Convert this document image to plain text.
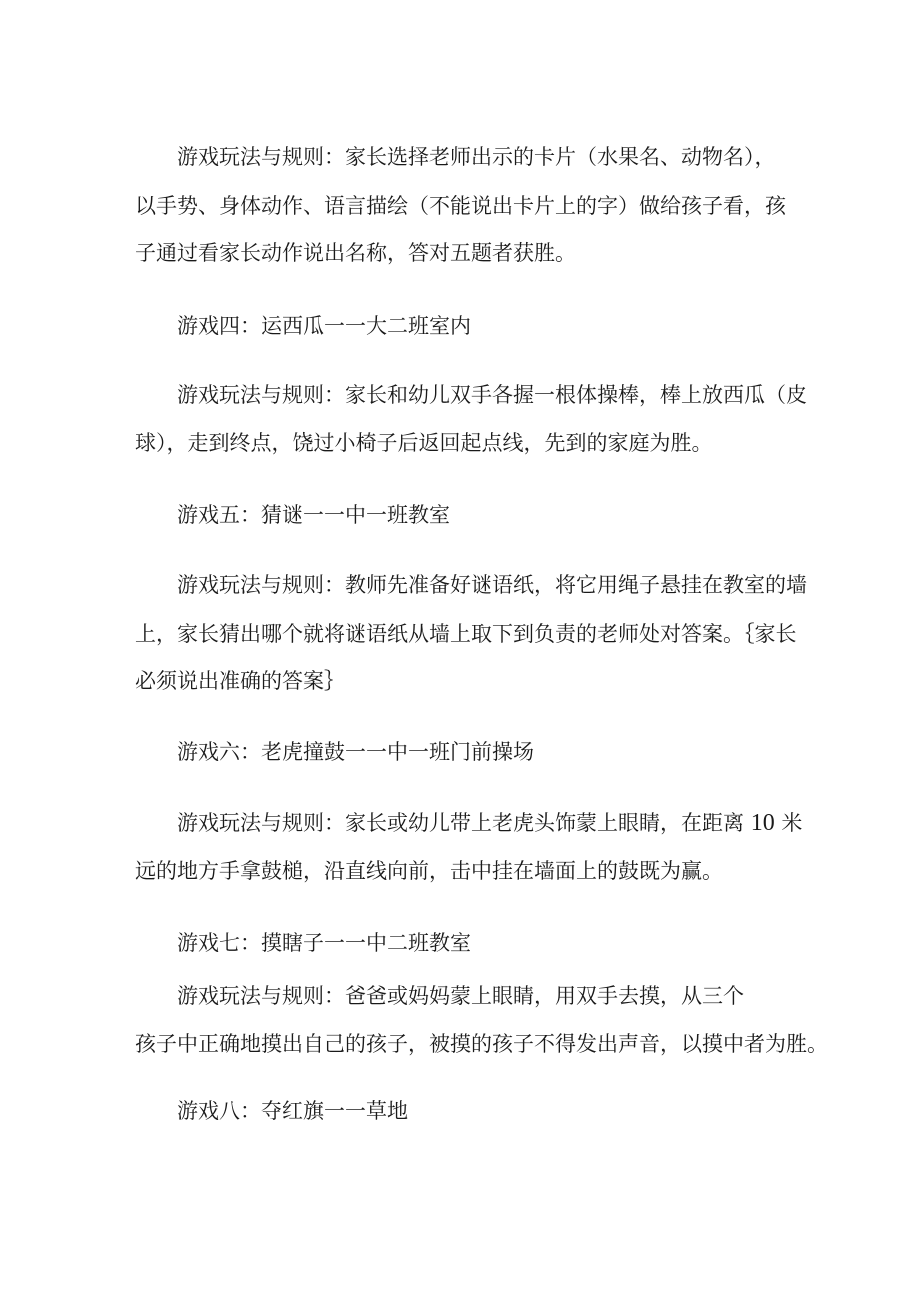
游戏玩法与规则：家长选择老师出示的卡片（水果名、动物名），
以手势、身体动作、语言描绘（不能说出卡片上的字）做给孩子看，孩
子通过看家长动作说出名称，答对五题者获胜。
游戏四：运西瓜一一大二班室内
游戏玩法与规则：家长和幼儿双手各握一根体操棒，棒上放西瓜（皮
球），走到终点，饶过小椅子后返回起点线，先到的家庭为胜。
游戏五：猜谜一一中一班教室
游戏玩法与规则：教师先准备好谜语纸，将它用绳子悬挂在教室的墙
上，家长猜出哪个就将谜语纸从墙上取下到负责的老师处对答案。｛家长
必须说出准确的答案｝
游戏六：老虎撞鼓一一中一班门前操场
游戏玩法与规则：家长或幼儿带上老虎头饰蒙上眼睛，在距离 10 米
远的地方手拿鼓槌，沿直线向前，击中挂在墙面上的鼓既为赢。
游戏七：摸瞎子一一中二班教室
游戏玩法与规则：爸爸或妈妈蒙上眼睛，用双手去摸，从三个
孩子中正确地摸出自己的孩子，被摸的孩子不得发出声音，以摸中者为胜。
游戏八：夺红旗一一草地
